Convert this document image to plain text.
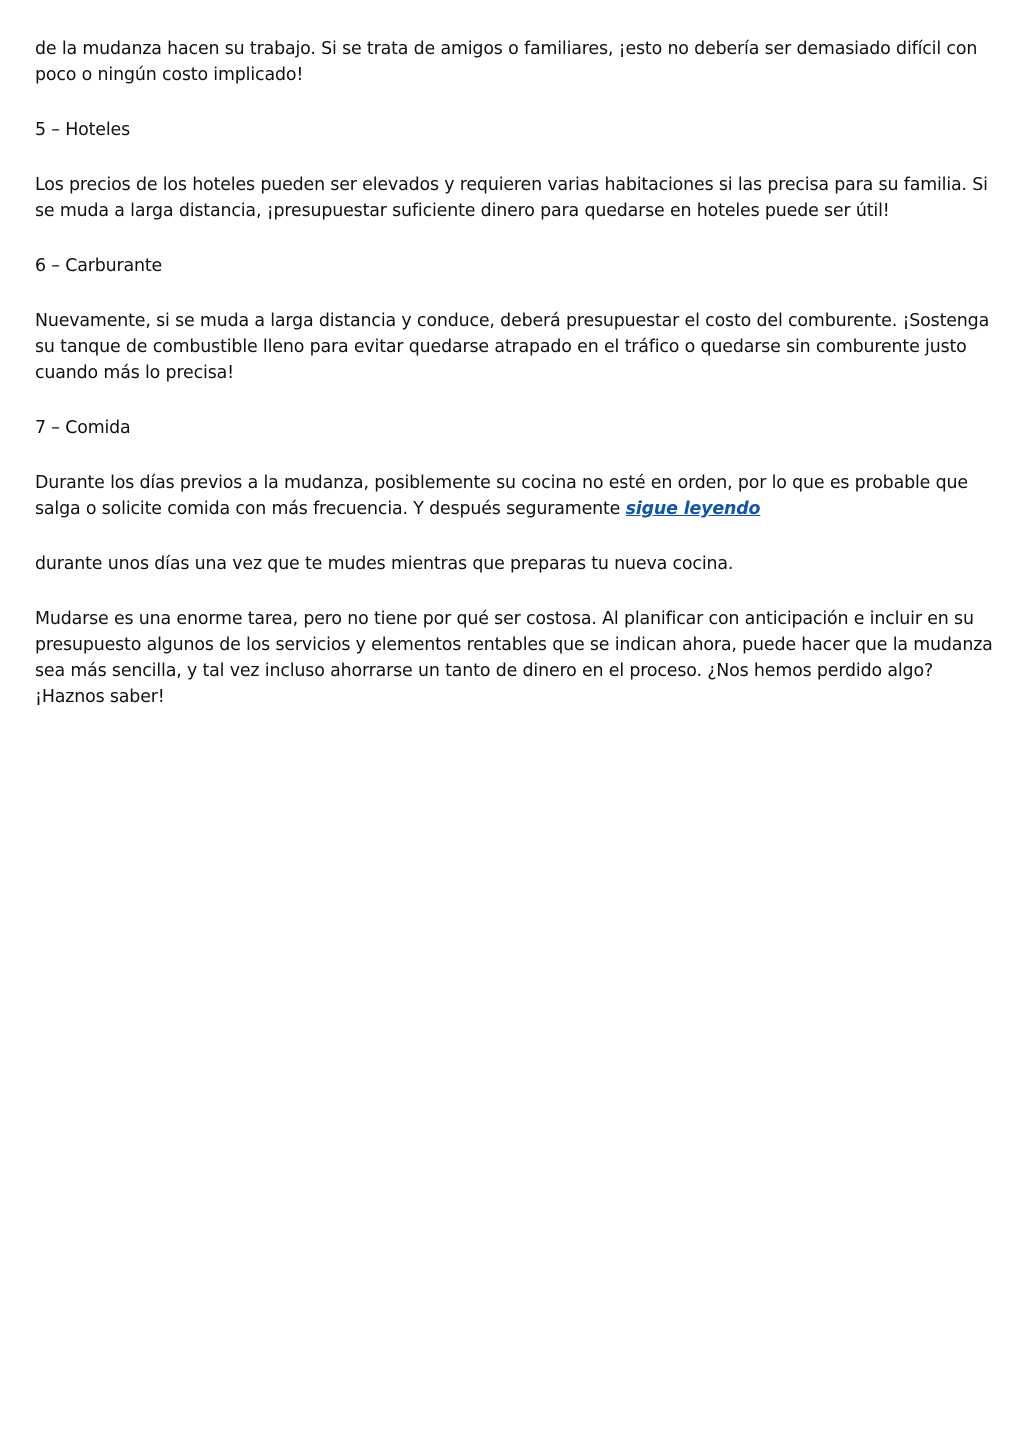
de la mudanza hacen su trabajo. Si se trata de amigos o familiares, ¡esto no debería ser demasiado difícil con poco o ningún costo implicado!

5 – Hoteles

Los precios de los hoteles pueden ser elevados y requieren varias habitaciones si las precisa para su familia. Si se muda a larga distancia, ¡presupuestar suficiente dinero para quedarse en hoteles puede ser útil!

6 – Carburante

Nuevamente, si se muda a larga distancia y conduce, deberá presupuestar el costo del comburente. ¡Sostenga su tanque de combustible lleno para evitar quedarse atrapado en el tráfico o quedarse sin comburente justo cuando más lo precisa!

7 – Comida

Durante los días previos a la mudanza, posiblemente su cocina no esté en orden, por lo que es probable que salga o solicite comida con más frecuencia. Y después seguramente sigue leyendo

durante unos días una vez que te mudes mientras que preparas tu nueva cocina.

Mudarse es una enorme tarea, pero no tiene por qué ser costosa. Al planificar con anticipación e incluir en su presupuesto algunos de los servicios y elementos rentables que se indican ahora, puede hacer que la mudanza sea más sencilla, y tal vez incluso ahorrarse un tanto de dinero en el proceso. ¿Nos hemos perdido algo? ¡Haznos saber!
